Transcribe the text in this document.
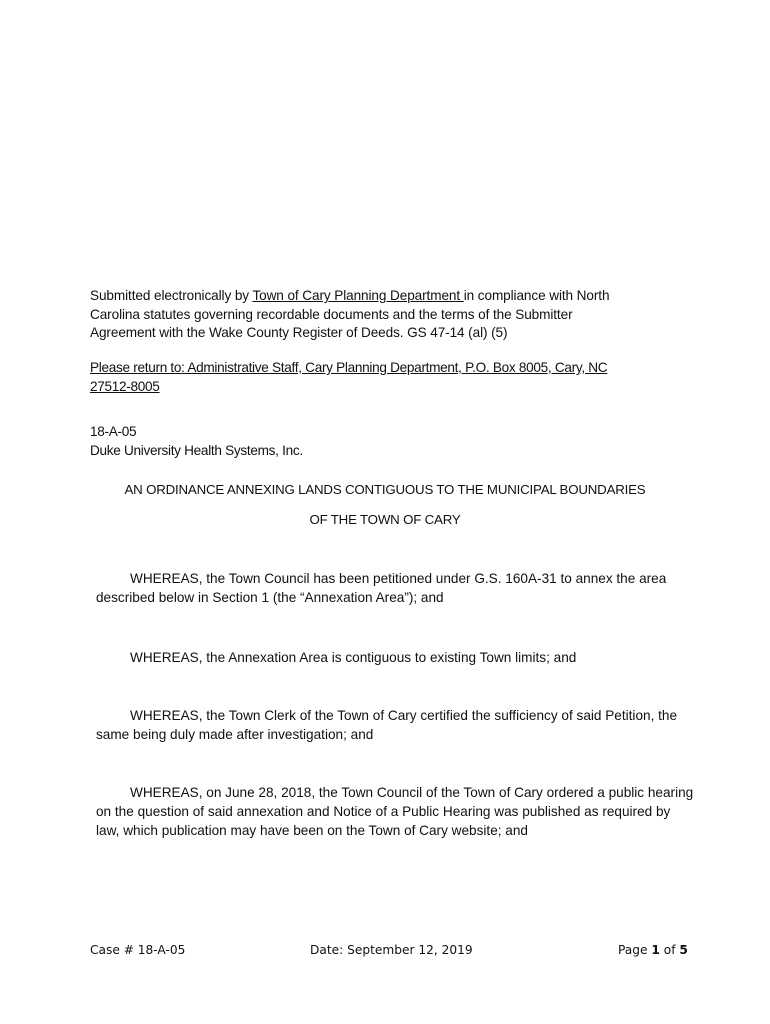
Submitted electronically by Town of Cary Planning Department in compliance with North
Carolina statutes governing recordable documents and the terms of the Submitter
Agreement with the Wake County Register of Deeds. GS 47-14 (al) (5)
Please return to: Administrative Staff, Cary Planning Department, P.O. Box 8005, Cary, NC
27512-8005
18-A-05
Duke University Health Systems, Inc.
AN ORDINANCE ANNEXING LANDS CONTIGUOUS TO THE MUNICIPAL BOUNDARIES
OF THE TOWN OF CARY
WHEREAS, the Town Council has been petitioned under G.S. 160A-31 to annex the area described below in Section 1 (the “Annexation Area”); and
WHEREAS, the Annexation Area is contiguous to existing Town limits; and
WHEREAS, the Town Clerk of the Town of Cary certified the sufficiency of said Petition, the same being duly made after investigation; and
WHEREAS, on June 28, 2018, the Town Council of the Town of Cary ordered a public hearing on the question of said annexation and Notice of a Public Hearing was published as required by law, which publication may have been on the Town of Cary website; and
Case # 18-A-05	Date: September 12, 2019	Page 1 of 5
